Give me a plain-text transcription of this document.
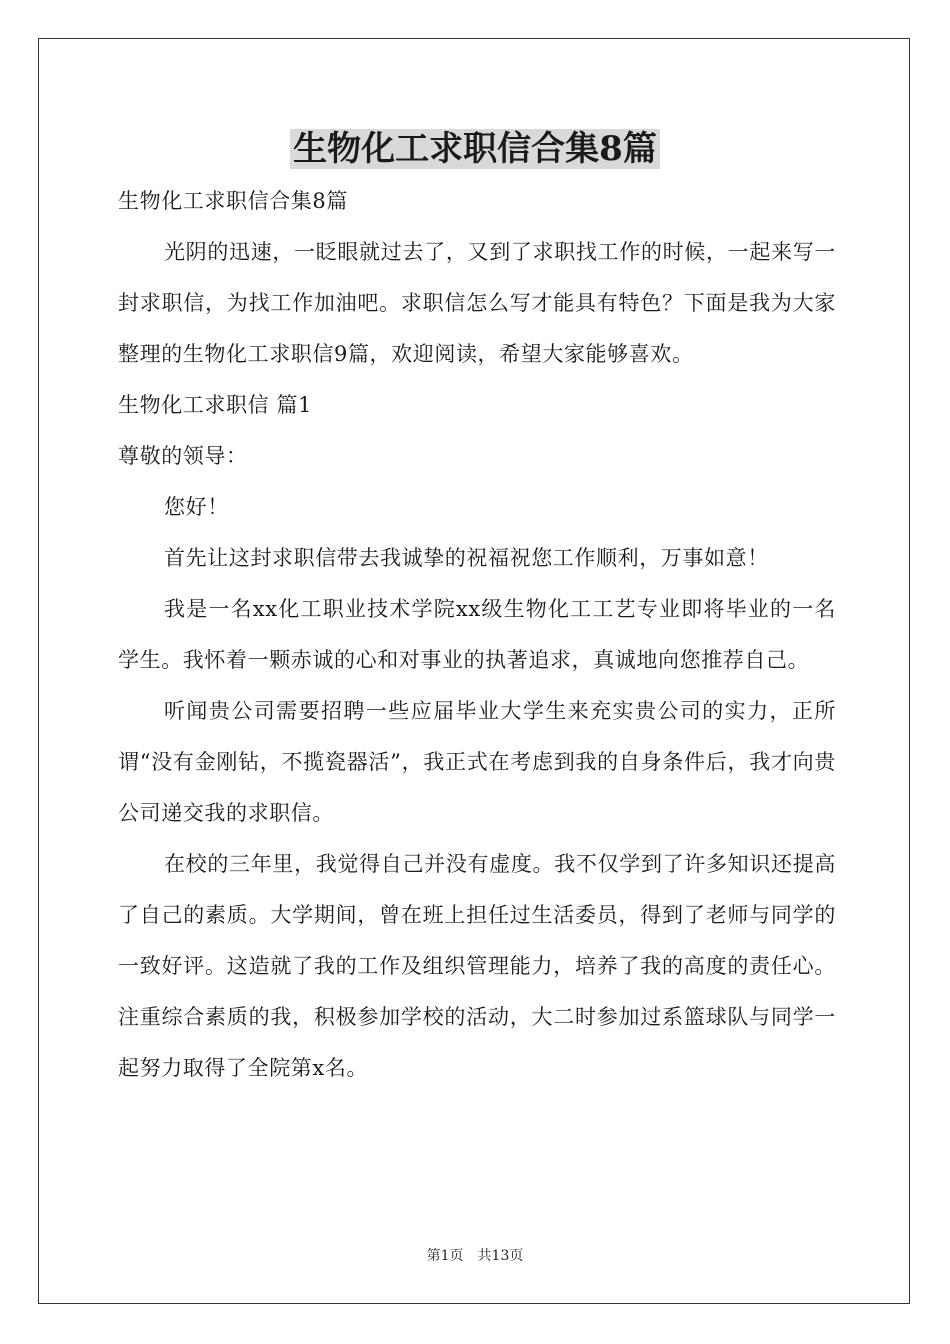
生物化工求职信合集8篇

生物化工求职信合集8篇

光阴的迅速，一眨眼就过去了，又到了求职找工作的时候，一起来写一封求职信，为找工作加油吧。求职信怎么写才能具有特色？下面是我为大家整理的生物化工求职信9篇，欢迎阅读，希望大家能够喜欢。

生物化工求职信 篇1

尊敬的领导：

您好！

首先让这封求职信带去我诚挚的祝福祝您工作顺利，万事如意！

我是一名xx化工职业技术学院xx级生物化工工艺专业即将毕业的一名学生。我怀着一颗赤诚的心和对事业的执著追求，真诚地向您推荐自己。

听闻贵公司需要招聘一些应届毕业大学生来充实贵公司的实力，正所谓“没有金刚钻，不揽瓷器活”，我正式在考虑到我的自身条件后，我才向贵公司递交我的求职信。

在校的三年里，我觉得自己并没有虚度。我不仅学到了许多知识还提高了自己的素质。大学期间，曾在班上担任过生活委员，得到了老师与同学的一致好评。这造就了我的工作及组织管理能力，培养了我的高度的责任心。注重综合素质的我，积极参加学校的活动，大二时参加过系篮球队与同学一起努力取得了全院第x名。

第1页 共13页
